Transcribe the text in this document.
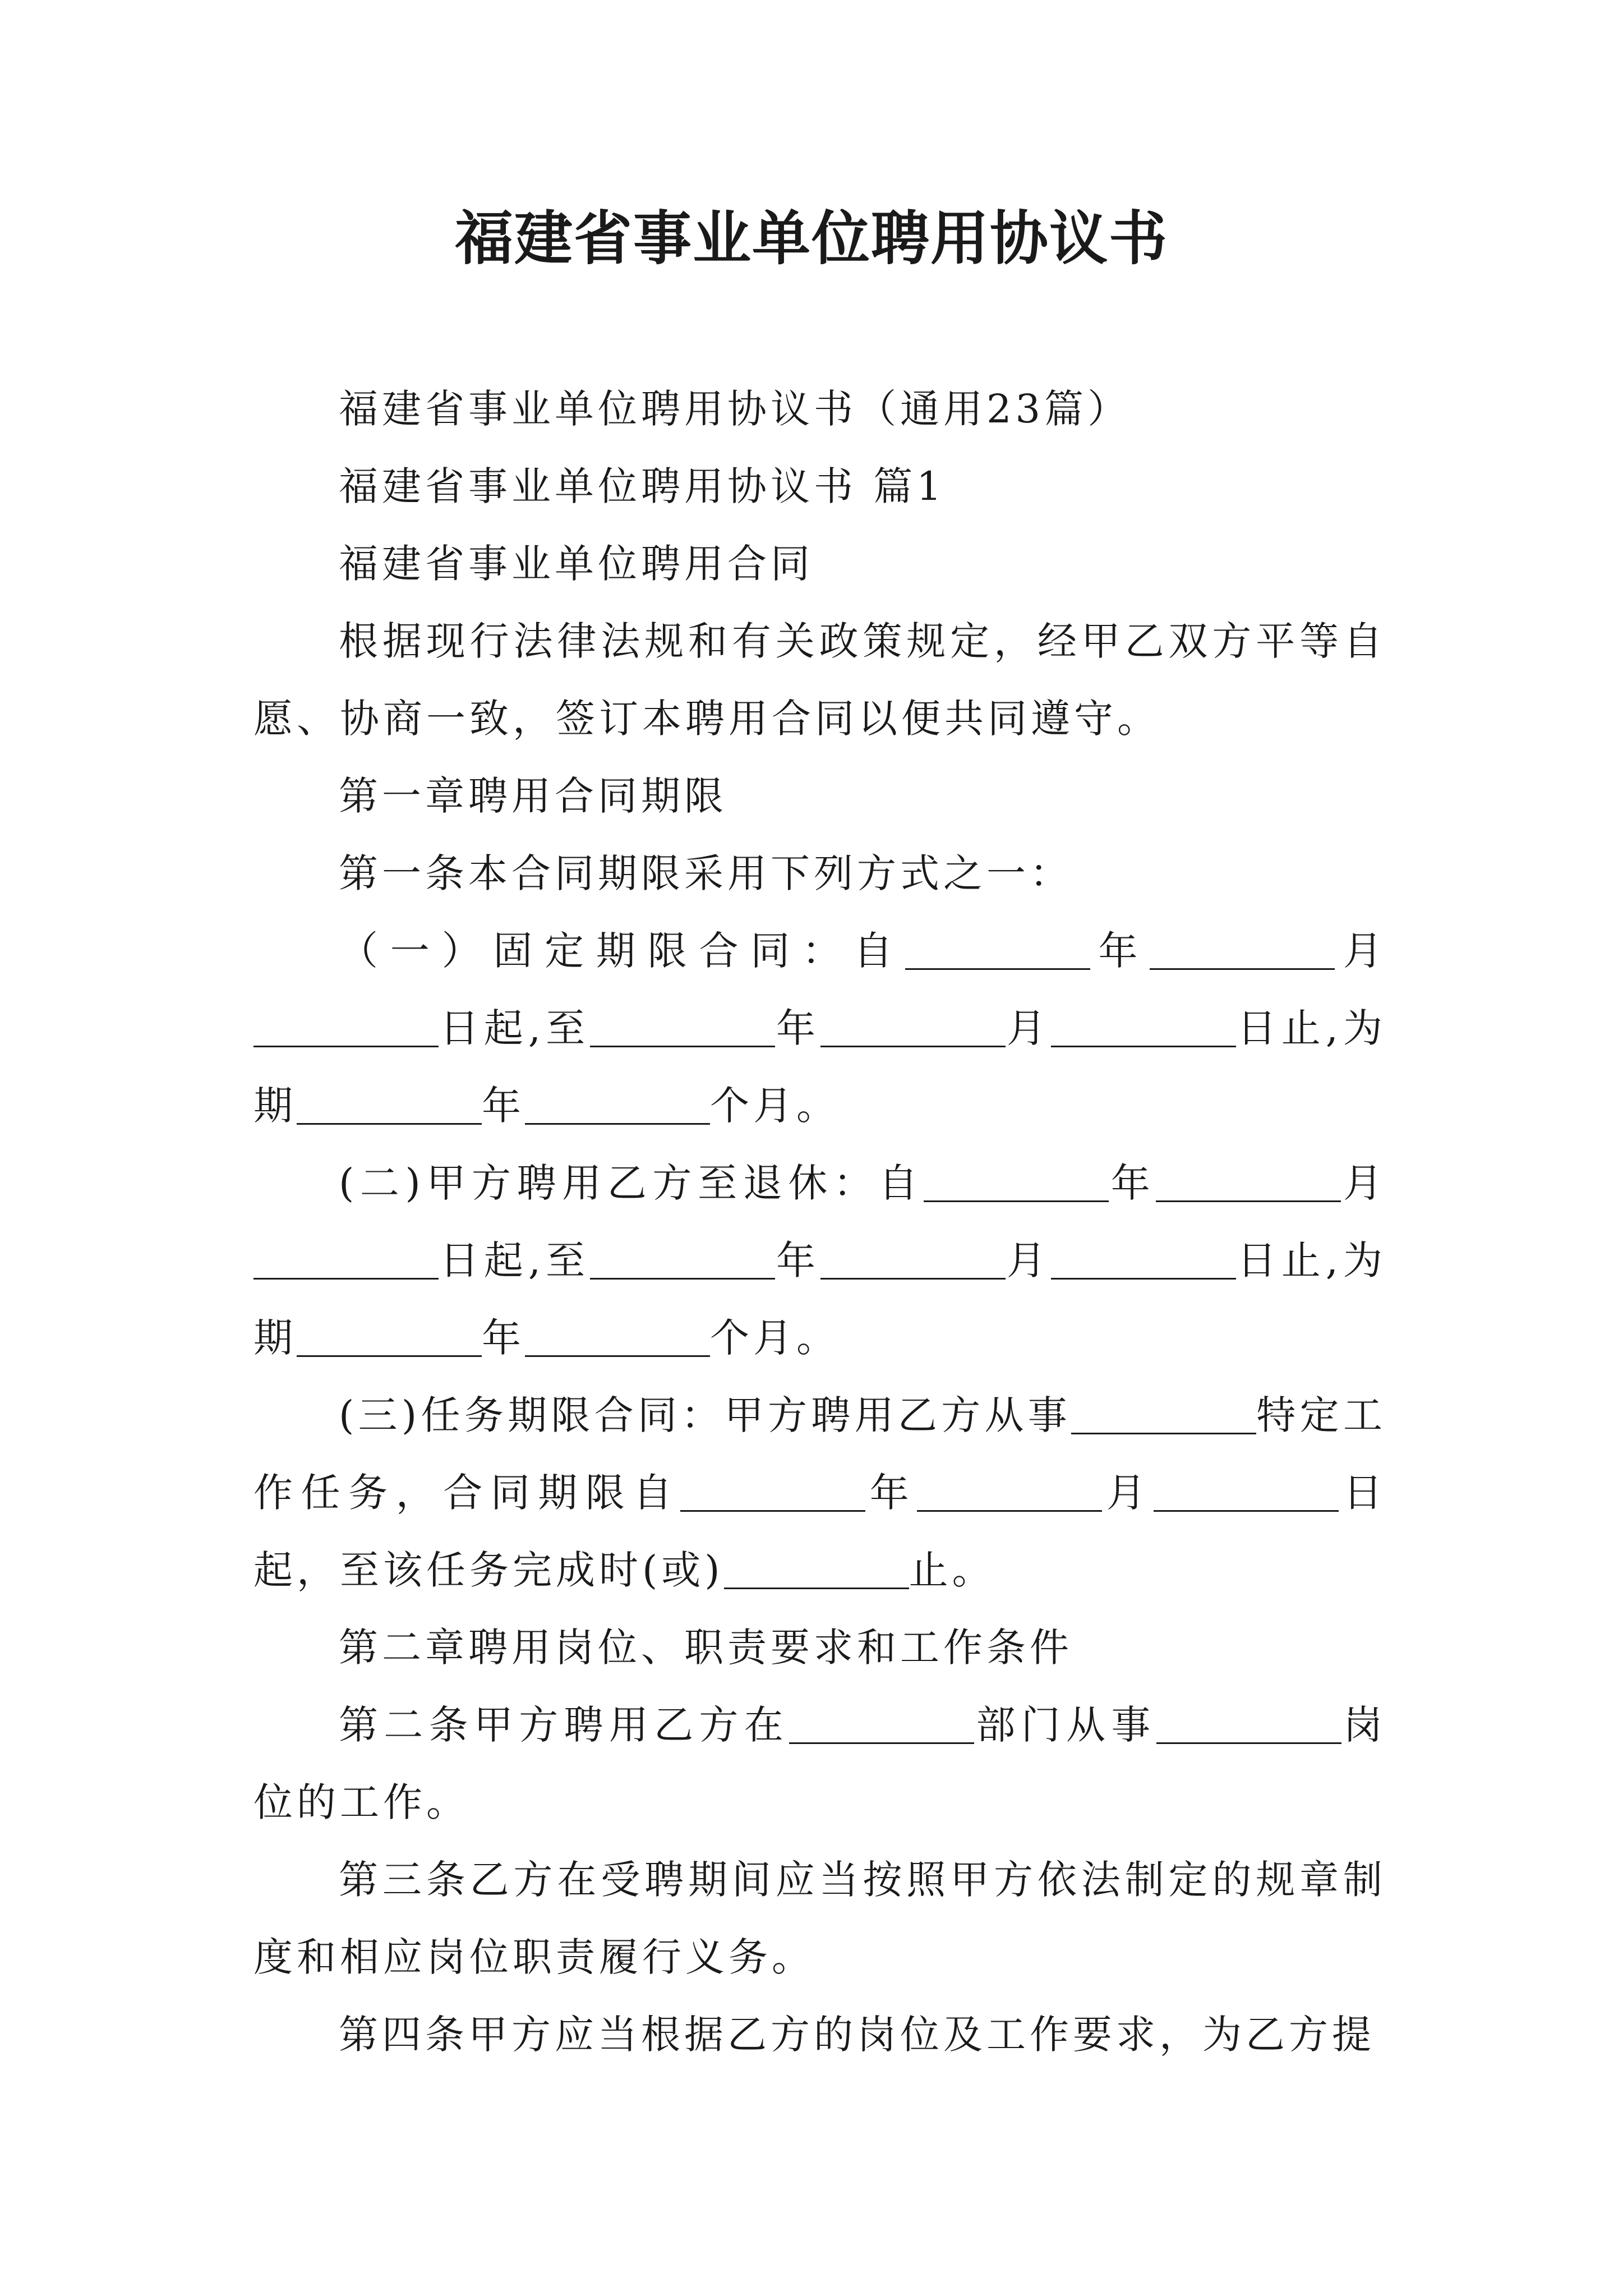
福建省事业单位聘用协议书

福建省事业单位聘用协议书（通用23篇）

福建省事业单位聘用协议书 篇1

福建省事业单位聘用合同

根据现行法律法规和有关政策规定，经甲乙双方平等自愿、协商一致，签订本聘用合同以便共同遵守。

第一章聘用合同期限

第一条本合同期限采用下列方式之一：

（一）固定期限合同：自	年	月日起,至	年	月	日止,为期	年	个月。

(二)甲方聘用乙方至退休：自	年	月日起,至	年	月	日止,为期	年	个月。

(三)任务期限合同：甲方聘用乙方从事	特定工作任务，合同期限自	年	月	日起，至该任务完成时(或)	止。

第二章聘用岗位、职责要求和工作条件

第二条甲方聘用乙方在	部门从事	岗位的工作。

第三条乙方在受聘期间应当按照甲方依法制定的规章制度和相应岗位职责履行义务。

第四条甲方应当根据乙方的岗位及工作要求，为乙方提
